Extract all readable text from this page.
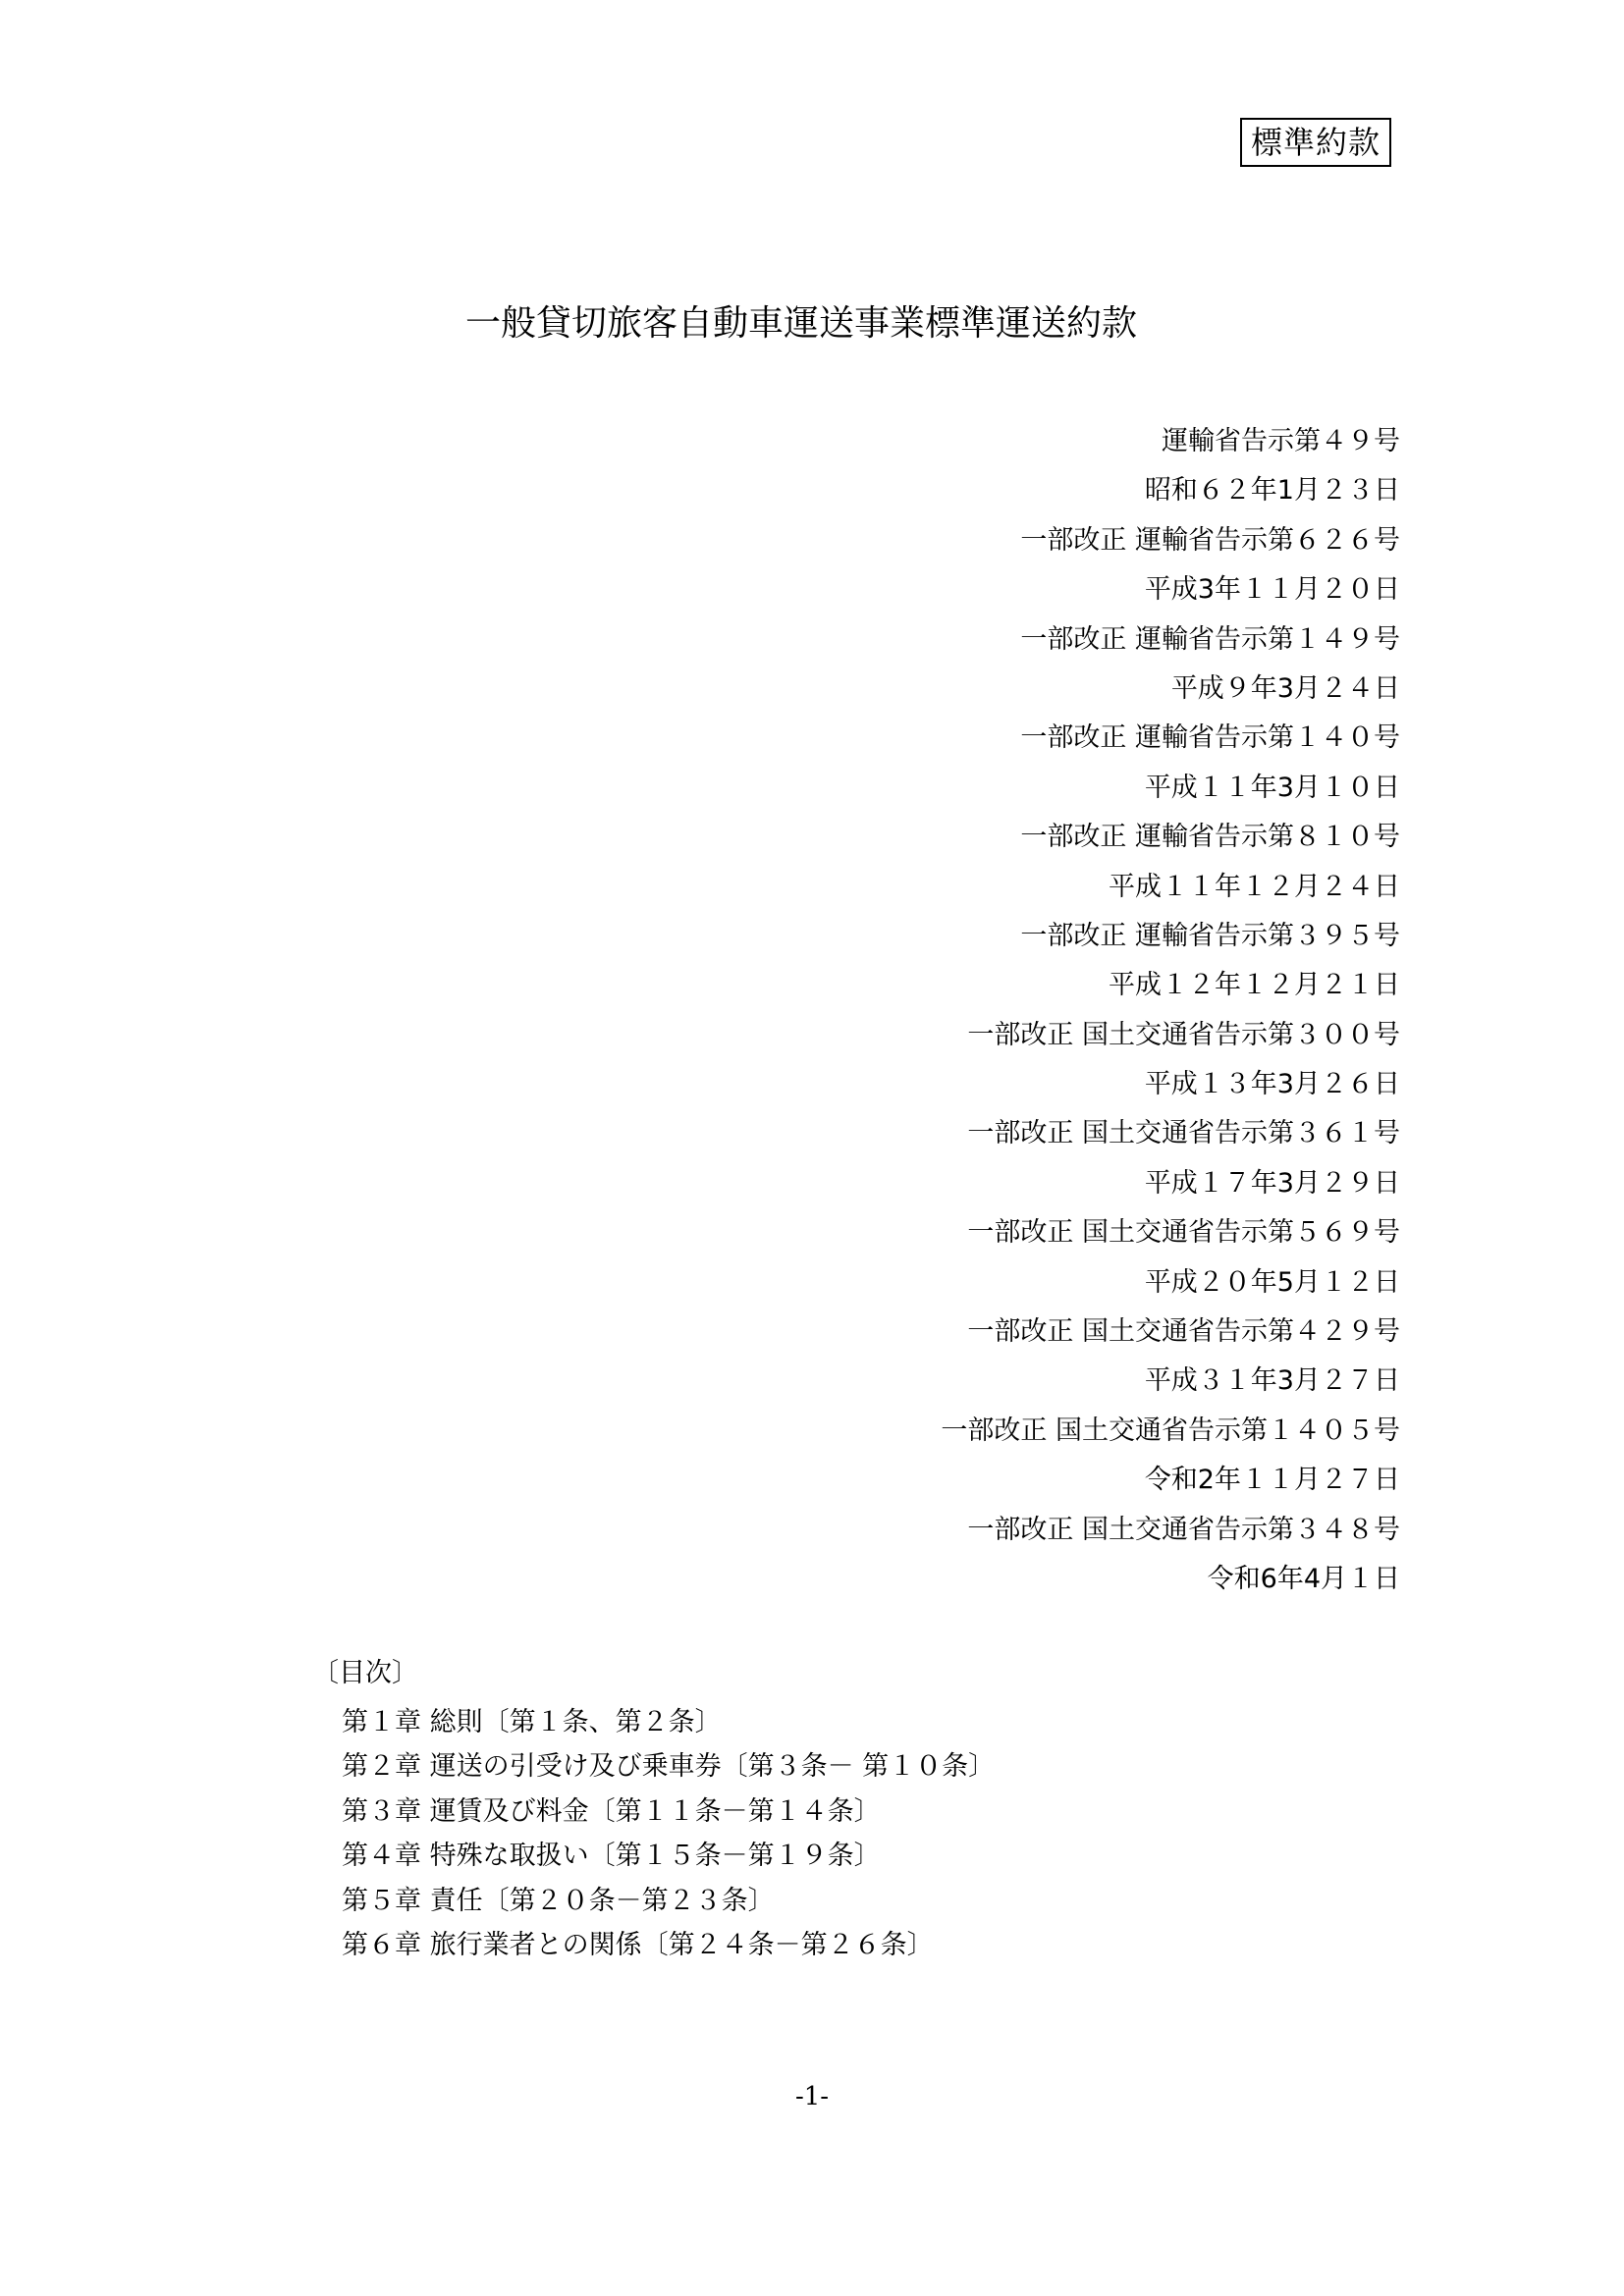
標準約款
一般貸切旅客自動車運送事業標準運送約款
運輸省告示第４９号
昭和６２年1月２３日
一部改正 運輸省告示第６２６号
平成3年１１月２０日
一部改正 運輸省告示第１４９号
平成９年3月２４日
一部改正 運輸省告示第１４０号
平成１１年3月１０日
一部改正 運輸省告示第８１０号
平成１１年１２月２４日
一部改正 運輸省告示第３９５号
平成１２年１２月２１日
一部改正 国土交通省告示第３００号
平成１３年3月２６日
一部改正 国土交通省告示第３６１号
平成１７年3月２９日
一部改正 国土交通省告示第５６９号
平成２０年5月１２日
一部改正 国土交通省告示第４２９号
平成３１年3月２７日
一部改正 国土交通省告示第１４０５号
令和2年１１月２７日
一部改正 国土交通省告示第３４８号
令和6年4月１日
〔目次〕
第１章 総則〔第１条、第２条〕
第２章 運送の引受け及び乗車券〔第３条－ 第１０条〕
第３章 運賃及び料金〔第１１条－第１４条〕
第４章 特殊な取扱い〔第１５条－第１９条〕
第５章 責任〔第２０条－第２３条〕
第６章 旅行業者との関係〔第２４条－第２６条〕
-1-
